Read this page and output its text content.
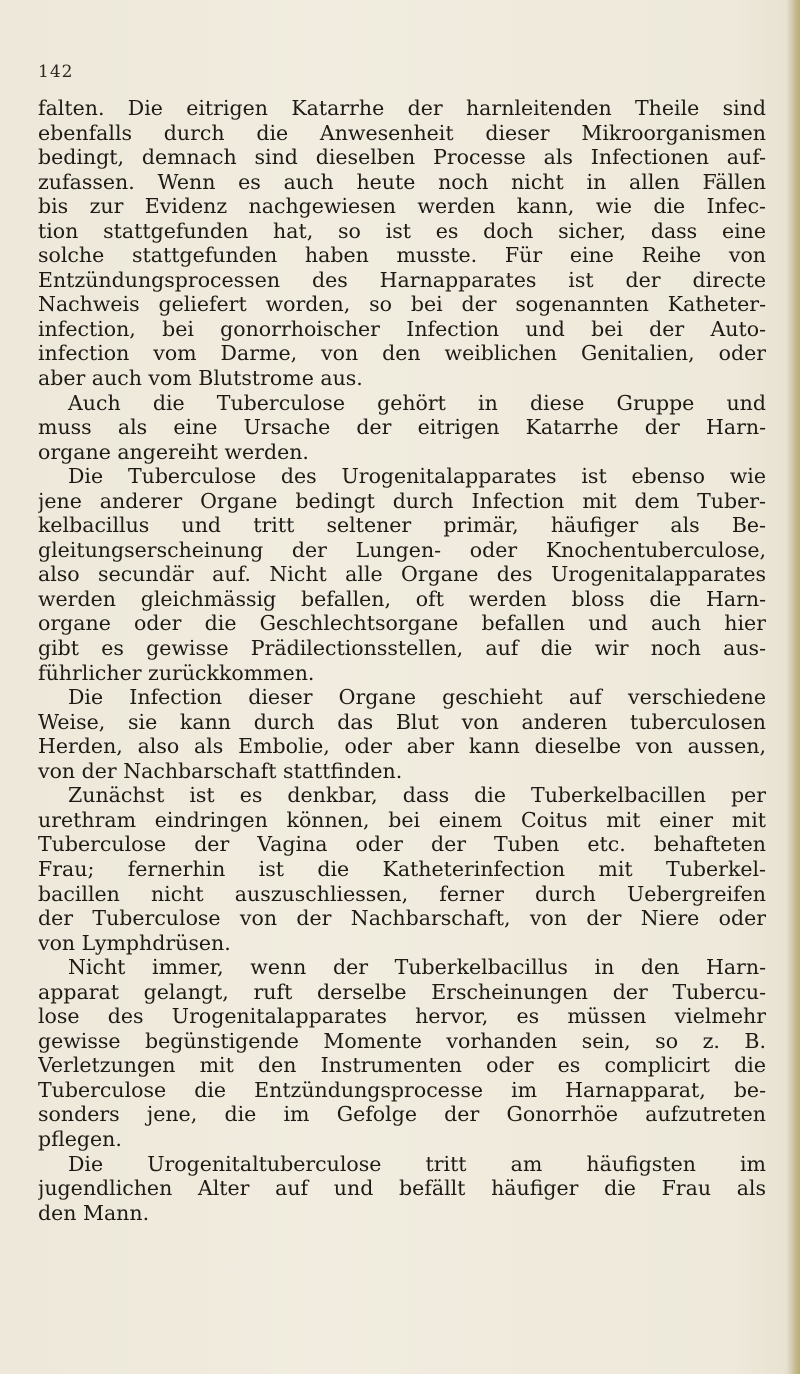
142

falten. Die eitrigen Katarrhe der harnleitenden Theile sind
ebenfalls durch die Anwesenheit dieser Mikroorganismen
bedingt, demnach sind dieselben Processe als Infectionen auf-
zufassen. Wenn es auch heute noch nicht in allen Fällen
bis zur Evidenz nachgewiesen werden kann, wie die Infec-
tion stattgefunden hat, so ist es doch sicher, dass eine
solche stattgefunden haben musste. Für eine Reihe von
Entzündungsprocessen des Harnapparates ist der directe
Nachweis geliefert worden, so bei der sogenannten Katheter-
infection, bei gonorrhoischer Infection und bei der Auto-
infection vom Darme, von den weiblichen Genitalien, oder
aber auch vom Blutstrome aus.

Auch die Tuberculose gehört in diese Gruppe und
muss als eine Ursache der eitrigen Katarrhe der Harn-
organe angereiht werden.

Die Tuberculose des Urogenitalapparates ist ebenso wie
jene anderer Organe bedingt durch Infection mit dem Tuber-
kelbacillus und tritt seltener primär, häufiger als Be-
gleitungserscheinung der Lungen- oder Knochentuberculose,
also secundär auf. Nicht alle Organe des Urogenitalapparates
werden gleichmässig befallen, oft werden bloss die Harn-
organe oder die Geschlechtsorgane befallen und auch hier
gibt es gewisse Prädilectionsstellen, auf die wir noch aus-
führlicher zurückkommen.

Die Infection dieser Organe geschieht auf verschiedene
Weise, sie kann durch das Blut von anderen tuberculosen
Herden, also als Embolie, oder aber kann dieselbe von aussen,
von der Nachbarschaft stattfinden.

Zunächst ist es denkbar, dass die Tuberkelbacillen per
urethram eindringen können, bei einem Coitus mit einer mit
Tuberculose der Vagina oder der Tuben etc. behafteten
Frau; fernerhin ist die Katheterinfection mit Tuberkel-
bacillen nicht auszuschliessen, ferner durch Uebergreifen
der Tuberculose von der Nachbarschaft, von der Niere oder
von Lymphdrüsen.

Nicht immer, wenn der Tuberkelbacillus in den Harn-
apparat gelangt, ruft derselbe Erscheinungen der Tubercu-
lose des Urogenitalapparates hervor, es müssen vielmehr
gewisse begünstigende Momente vorhanden sein, so z. B.
Verletzungen mit den Instrumenten oder es complicirt die
Tuberculose die Entzündungsprocesse im Harnapparat, be-
sonders jene, die im Gefolge der Gonorrhöe aufzutreten
pflegen.

Die Urogenitaltuberculose tritt am häufigsten im
jugendlichen Alter auf und befällt häufiger die Frau als
den Mann.
